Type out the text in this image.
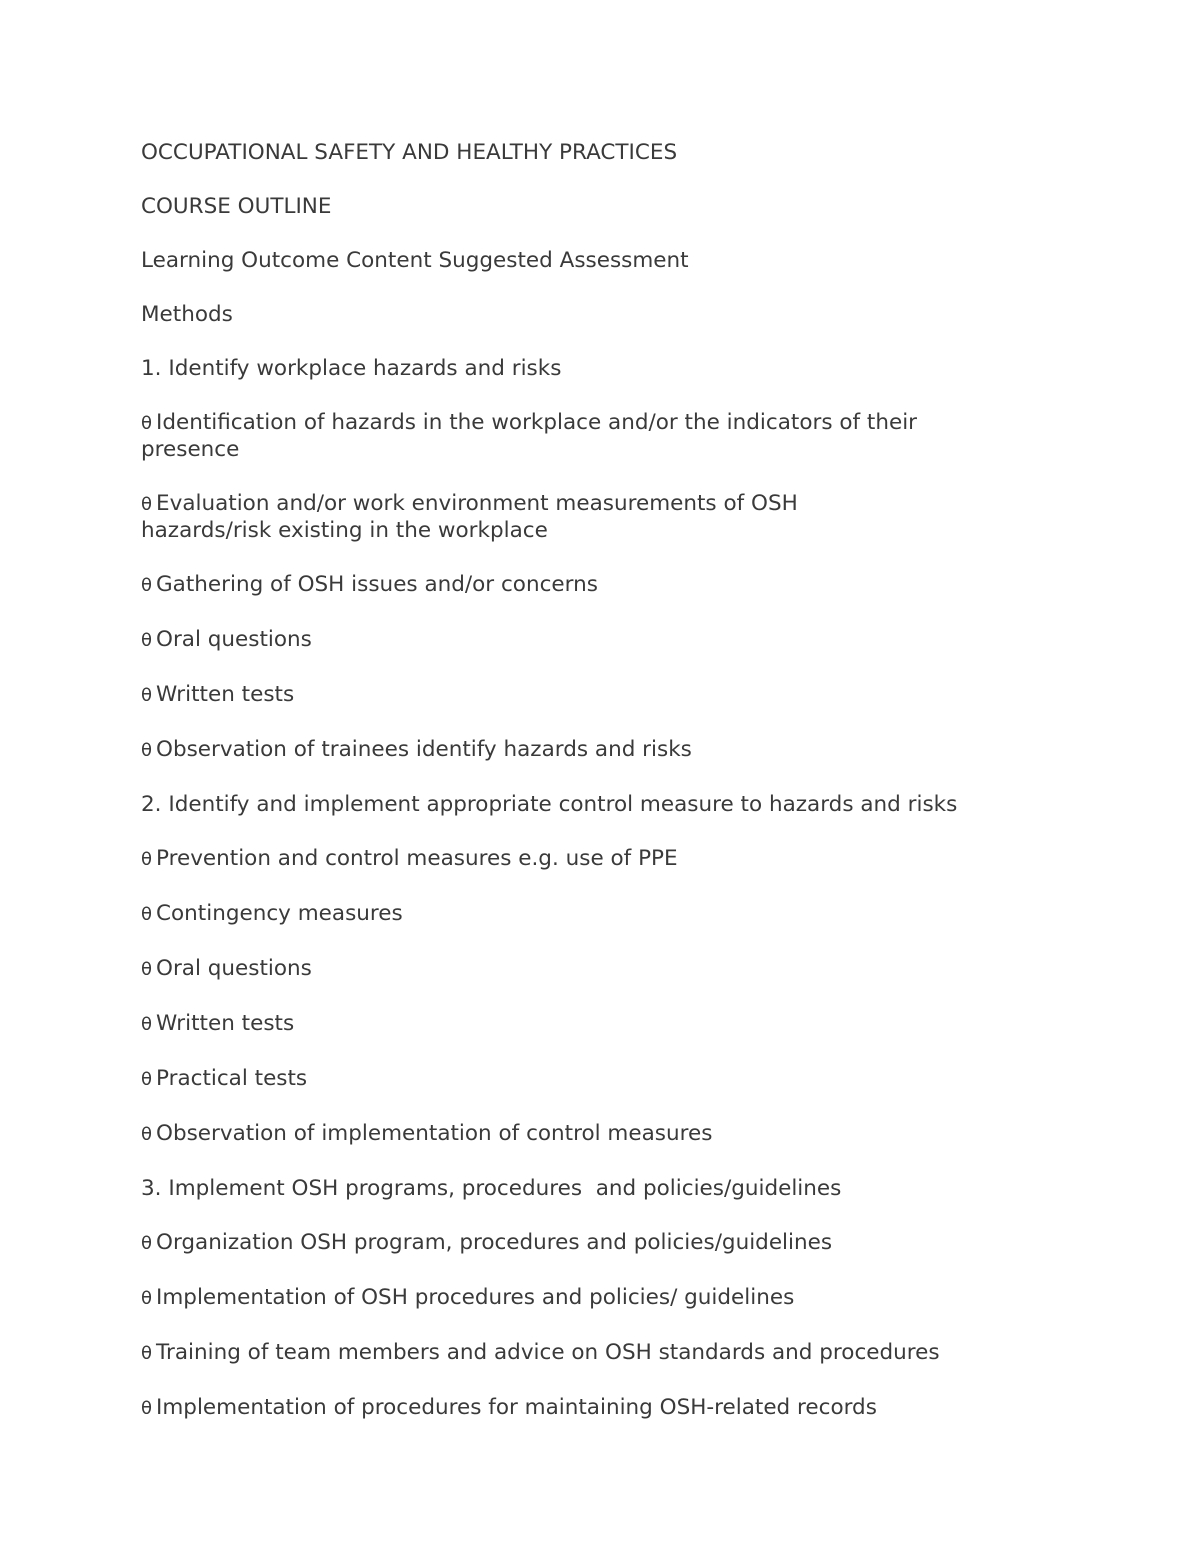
OCCUPATIONAL SAFETY AND HEALTHY PRACTICES
COURSE OUTLINE
Learning Outcome Content Suggested Assessment
Methods
1. Identify workplace hazards and risks
θ Identification of hazards in the workplace and/or the indicators of their presence
θ Evaluation and/or work environment measurements of OSH hazards/risk existing in the workplace
θ Gathering of OSH issues and/or concerns
θ Oral questions
θ Written tests
θ Observation of trainees identify hazards and risks
2. Identify and implement appropriate control measure to hazards and risks
θ Prevention and control measures e.g. use of PPE
θ Contingency measures
θ Oral questions
θ Written tests
θ Practical tests
θ Observation of implementation of control measures
3. Implement OSH programs, procedures  and policies/guidelines
θ Organization OSH program, procedures and policies/guidelines
θ Implementation of OSH procedures and policies/ guidelines
θ Training of team members and advice on OSH standards and procedures
θ Implementation of procedures for maintaining OSH-related records
